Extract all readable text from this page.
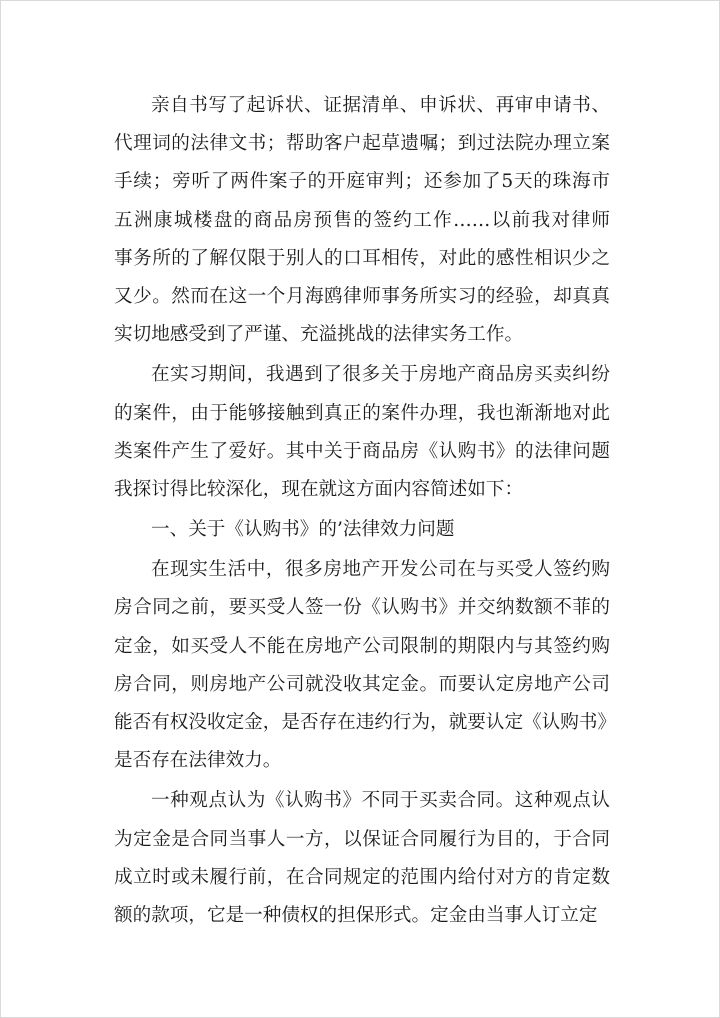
亲自书写了起诉状、证据清单、申诉状、再审申请书、
代理词的法律文书；帮助客户起草遗嘱；到过法院办理立案
手续；旁听了两件案子的开庭审判；还参加了5天的珠海市
五洲康城楼盘的商品房预售的签约工作……以前我对律师
事务所的了解仅限于别人的口耳相传，对此的感性相识少之
又少。然而在这一个月海鸥律师事务所实习的经验，却真真
实切地感受到了严谨、充溢挑战的法律实务工作。
在实习期间，我遇到了很多关于房地产商品房买卖纠纷
的案件，由于能够接触到真正的案件办理，我也渐渐地对此
类案件产生了爱好。其中关于商品房《认购书》的法律问题
我探讨得比较深化，现在就这方面内容简述如下：
一、关于《认购书》的’法律效力问题
在现实生活中，很多房地产开发公司在与买受人签约购
房合同之前，要买受人签一份《认购书》并交纳数额不菲的
定金，如买受人不能在房地产公司限制的期限内与其签约购
房合同，则房地产公司就没收其定金。而要认定房地产公司
能否有权没收定金，是否存在违约行为，就要认定《认购书》
是否存在法律效力。
一种观点认为《认购书》不同于买卖合同。这种观点认
为定金是合同当事人一方，以保证合同履行为目的，于合同
成立时或未履行前，在合同规定的范围内给付对方的肯定数
额的款项，它是一种债权的担保形式。定金由当事人订立定
